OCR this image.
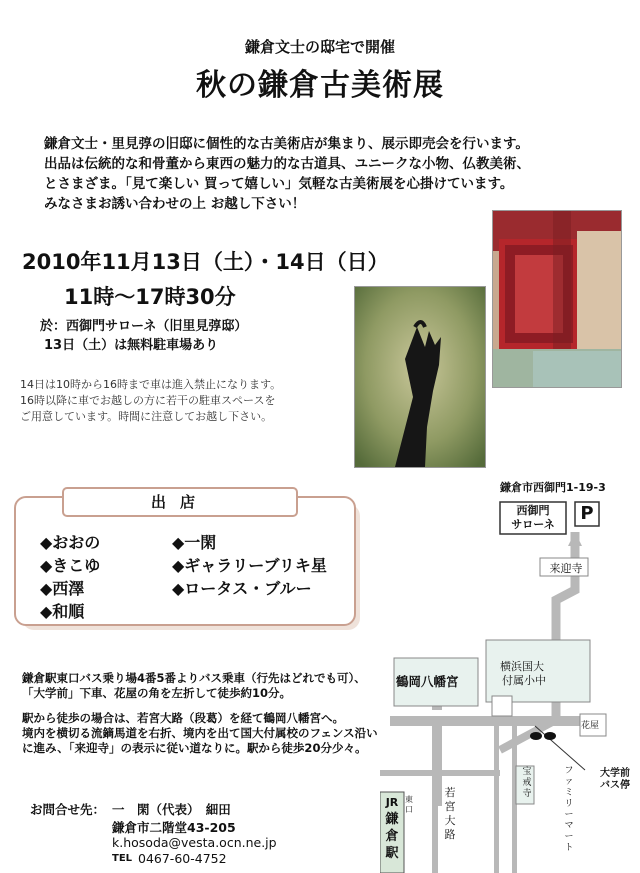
鎌倉文士の邸宅で開催
秋の鎌倉古美術展
鎌倉文士・里見弴の旧邸に個性的な古美術店が集まり、展示即売会を行います。
出品は伝統的な和骨董から東西の魅力的な古道具、ユニークな小物、仏教美術、
とさまざま。「見て楽しい 買って嬉しい」気軽な古美術展を心掛けています。
みなさまお誘い合わせの上 お越し下さい！
2010年11月13日（土）・14日（日）
11時～17時30分
於：西御門サローネ（旧里見弴邸）
13日（土）は無料駐車場あり
14日は10時から16時まで車は進入禁止になります。
16時以降に車でお越しの方に若干の駐車スペースを
ご用意しています。時間に注意してお越し下さい。
出店
◆おおの
◆きこゆ
◆西澤
◆和順
◆一閑
◆ギャラリーブリキ星
◆ロータス・ブルー
鎌倉駅東口バス乗り場4番5番よりバス乗車（行先はどれでも可）、
「大学前」下車、花屋の角を左折して徒歩約10分。
駅から徒歩の場合は、若宮大路（段葛）を経て鶴岡八幡宮へ。
境内を横切る流鏑馬道を右折、境内を出て国大付属校のフェンス沿い
に進み、「来迎寺」の表示に従い道なりに。駅から徒歩20分少々。
お問合せ先： 一　閑（代表）　細田
鎌倉市二階堂43-205
k.hosoda@vesta.ocn.ne.jp
TEL 0467-60-4752
鎌倉市西御門1-19-3
西御門
サローネ
P
来迎寺
横浜国大
付属小中
鶴岡八幡宮
花屋
宝
戒
寺
大学前
バス停
ファ
ミ
リー
マー
ト
若
宮
大
路
東
口
JR
鎌
倉
駅
